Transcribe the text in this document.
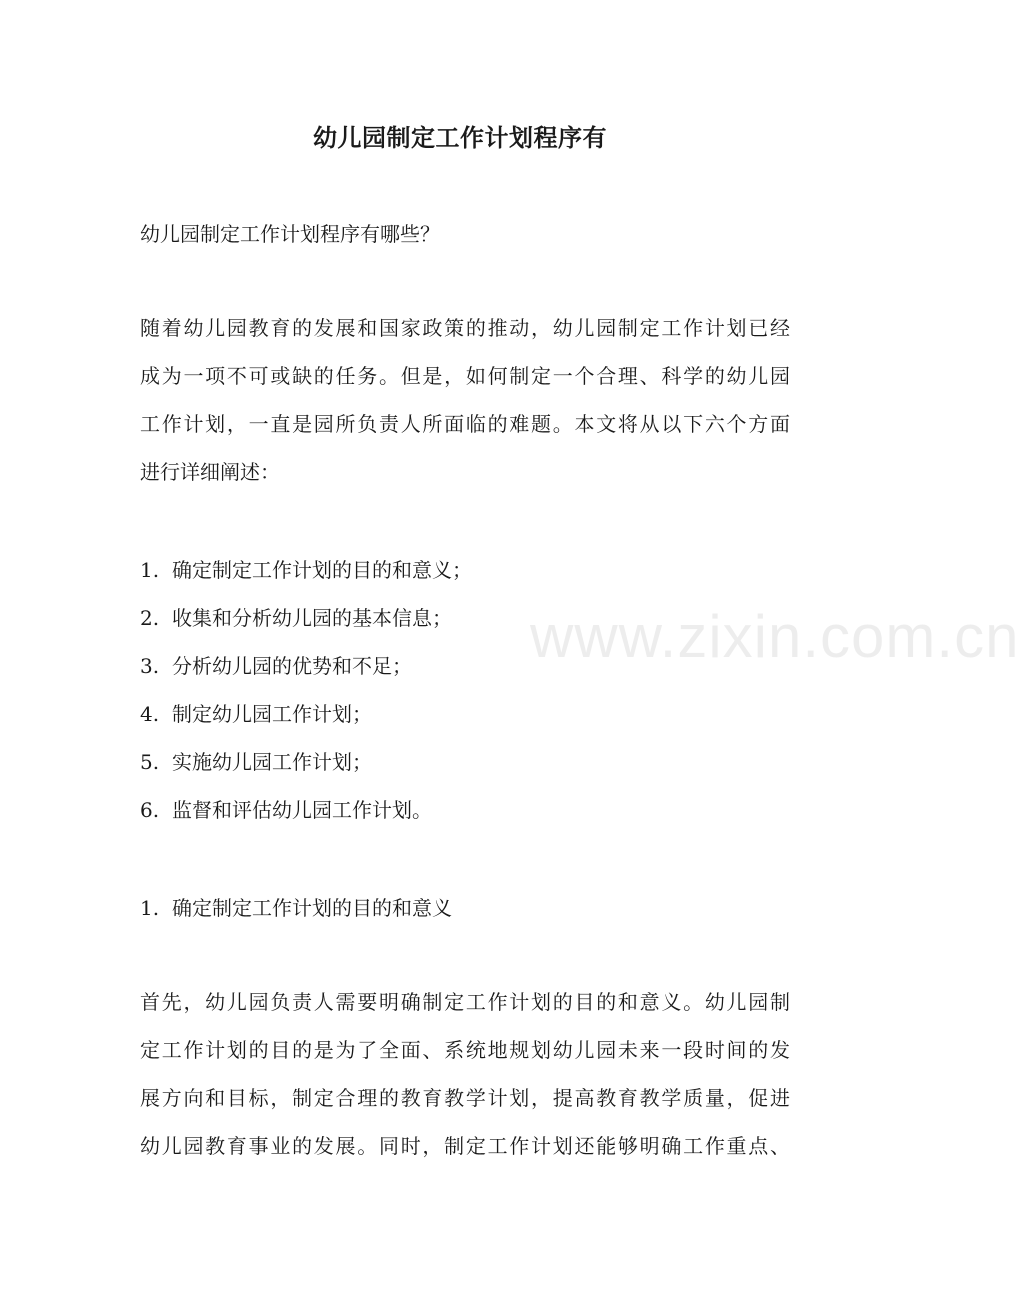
幼儿园制定工作计划程序有
幼儿园制定工作计划程序有哪些？
随着幼儿园教育的发展和国家政策的推动，幼儿园制定工作计划已经
成为一项不可或缺的任务。但是，如何制定一个合理、科学的幼儿园
工作计划，一直是园所负责人所面临的难题。本文将从以下六个方面
进行详细阐述：
1. 确定制定工作计划的目的和意义；
2. 收集和分析幼儿园的基本信息；
3. 分析幼儿园的优势和不足；
4. 制定幼儿园工作计划；
5. 实施幼儿园工作计划；
6. 监督和评估幼儿园工作计划。
1. 确定制定工作计划的目的和意义
首先，幼儿园负责人需要明确制定工作计划的目的和意义。幼儿园制
定工作计划的目的是为了全面、系统地规划幼儿园未来一段时间的发
展方向和目标，制定合理的教育教学计划，提高教育教学质量，促进
幼儿园教育事业的发展。同时，制定工作计划还能够明确工作重点、
www.zixin.com.cn
